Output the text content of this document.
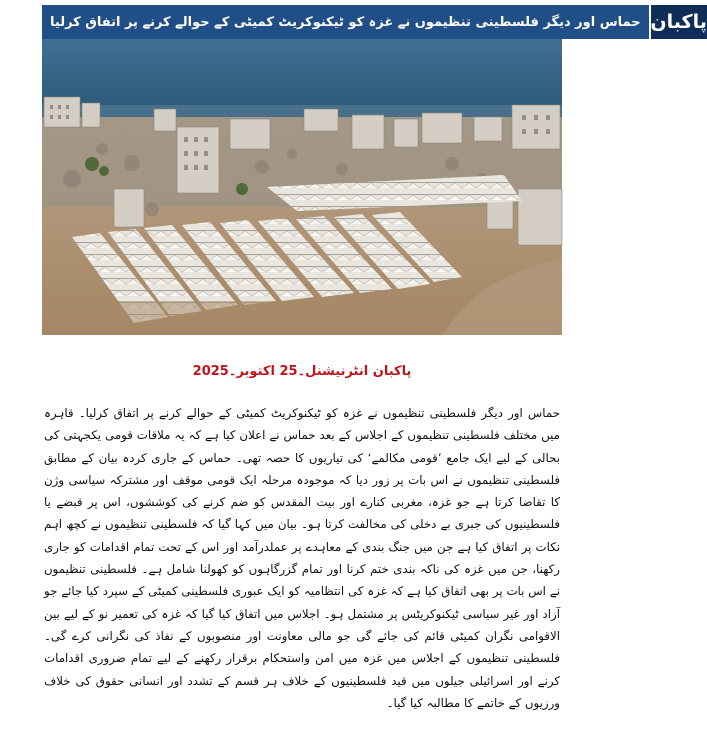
حماس اور دیگر فلسطینی تنظیموں نے غزہ کو ٹیکنوکریٹ کمیٹی کے حوالے کرنے پر اتفاق کرلیا پاکبان
پاکبان انٹرنیشنل۔25 اکتوبر۔2025
حماس اور دیگر فلسطینی تنظیموں نے غزہ کو ٹیکنوکریٹ کمیٹی کے حوالے کرنے پر اتفاق کرلیا۔ قاہرہ میں مختلف فلسطینی تنظیموں کے اجلاس کے بعد حماس نے اعلان کیا ہے کہ یہ ملاقات قومی یکجہتی کی بحالی کے لیے ایک جامع ’قومی مکالمے‘ کی تیاریوں کا حصہ تھی۔ حماس کے جاری کردہ بیان کے مطابق فلسطینی تنظیموں نے اس بات پر زور دیا کہ موجودہ مرحلہ ایک قومی موقف اور مشترکہ سیاسی وژن کا تقاضا کرتا ہے جو غزہ، مغربی کنارے اور بیت المقدس کو ضم کرنے کی کوششوں، اس پر قبضے یا فلسطینیوں کی جبری بے دخلی کی مخالفت کرتا ہو۔ بیان میں کہا گیا کہ فلسطینی تنظیموں نے کچھ اہم نکات پر اتفاق کیا ہے جن میں جنگ بندی کے معاہدے پر عملدرآمد اور اس کے تحت تمام اقدامات کو جاری رکھنا، جن میں غزہ کی ناکہ بندی ختم کرنا اور تمام گزرگاہوں کو کھولنا شامل ہے۔ فلسطینی تنظیموں نے اس بات پر بھی اتفاق کیا ہے کہ غزہ کی انتظامیہ کو ایک عبوری فلسطینی کمیٹی کے سپرد کیا جائے جو آزاد اور غیر سیاسی ٹیکنوکریٹس پر مشتمل ہو۔ اجلاس میں اتفاق کیا گیا کہ غزہ کی تعمیر نو کے لیے بین الاقوامی نگران کمیٹی قائم کی جائے گی جو مالی معاونت اور منصوبوں کے نفاذ کی نگرانی کرے گی۔ فلسطینی تنظیموں کے اجلاس میں غزہ میں امن واستحکام برقرار رکھنے کے لیے تمام ضروری اقدامات کرنے اور اسرائیلی جیلوں میں قید فلسطینیوں کے خلاف ہر قسم کے تشدد اور انسانی حقوق کی خلاف ورزیوں کے خاتمے کا مطالبہ کیا گیا۔
